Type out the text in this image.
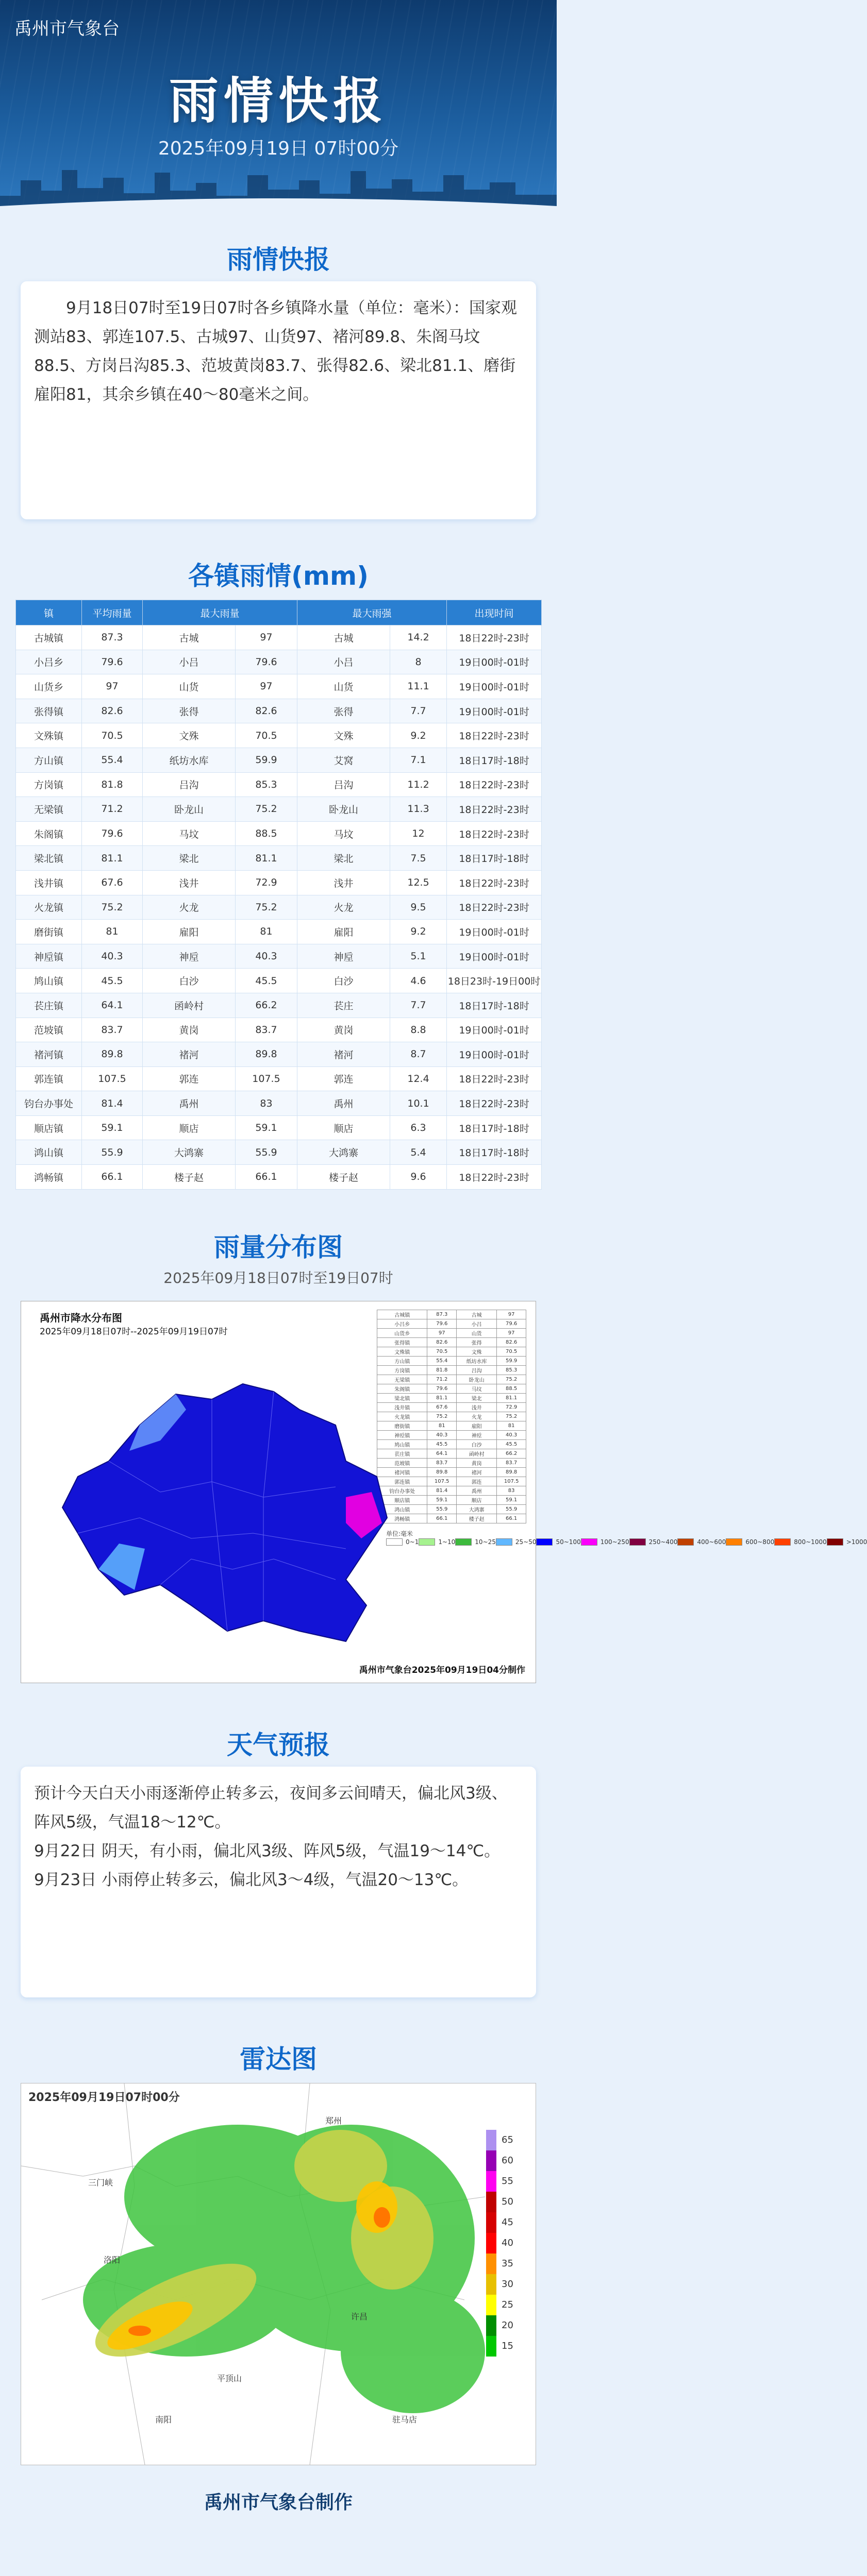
禹州市气象台
雨情快报
2025年09月19日 07时00分
雨情快报

9月18日07时至19日07时各乡镇降水量（单位：毫米）：国家观测站83、郭连107.5、古城97、山货97、褚河89.8、朱阁马坟88.5、方岗吕沟85.3、范坡黄岗83.7、张得82.6、梁北81.1、磨街雇阳81，其余乡镇在40～80毫米之间。

各镇雨情(mm)
镇	平均雨量	最大雨量		最大雨强		出现时间
古城镇	87.3	古城	97	古城	14.2	18日22时-23时
小吕乡	79.6	小吕	79.6	小吕	8	19日00时-01时
山货乡	97	山货	97	山货	11.1	19日00时-01时
张得镇	82.6	张得	82.6	张得	7.7	19日00时-01时
文殊镇	70.5	文殊	70.5	文殊	9.2	18日22时-23时
方山镇	55.4	纸坊水库	59.9	艾窝	7.1	18日17时-18时
方岗镇	81.8	吕沟	85.3	吕沟	11.2	18日22时-23时
无梁镇	71.2	卧龙山	75.2	卧龙山	11.3	18日22时-23时
朱阁镇	79.6	马坟	88.5	马坟	12	18日22时-23时
梁北镇	81.1	梁北	81.1	梁北	7.5	18日17时-18时
浅井镇	67.6	浅井	72.9	浅井	12.5	18日22时-23时
火龙镇	75.2	火龙	75.2	火龙	9.5	18日22时-23时
磨街镇	81	雇阳	81	雇阳	9.2	19日00时-01时
神垕镇	40.3	神垕	40.3	神垕	5.1	19日00时-01时
鸠山镇	45.5	白沙	45.5	白沙	4.6	18日23时-19日00时
苌庄镇	64.1	函岭村	66.2	苌庄	7.7	18日17时-18时
范坡镇	83.7	黄岗	83.7	黄岗	8.8	19日00时-01时
褚河镇	89.8	褚河	89.8	褚河	8.7	19日00时-01时
郭连镇	107.5	郭连	107.5	郭连	12.4	18日22时-23时
钧台办事处	81.4	禹州	83	禹州	10.1	18日22时-23时
顺店镇	59.1	顺店	59.1	顺店	6.3	18日17时-18时
鸿山镇	55.9	大鸿寨	55.9	大鸿寨	5.4	18日17时-18时
鸿畅镇	66.1	楼子赵	66.1	楼子赵	9.6	18日22时-23时
雨量分布图
2025年09月18日07时至19日07时
禹州市降水分布图
2025年09月18日07时--2025年09月19日07时
古城镇	87.3	古城	97
小吕乡	79.6	小吕	79.6
山货乡	97	山货	97
张得镇	82.6	张得	82.6
文殊镇	70.5	文殊	70.5
方山镇	55.4	纸坊水库	59.9
方岗镇	81.8	吕沟	85.3
无梁镇	71.2	卧龙山	75.2
朱阁镇	79.6	马坟	88.5
梁北镇	81.1	梁北	81.1
浅井镇	67.6	浅井	72.9
火龙镇	75.2	火龙	75.2
磨街镇	81	雇阳	81
神垕镇	40.3	神垕	40.3
鸠山镇	45.5	白沙	45.5
苌庄镇	64.1	函岭村	66.2
范坡镇	83.7	黄岗	83.7
褚河镇	89.8	褚河	89.8
郭连镇	107.5	郭连	107.5
钧台办事处	81.4	禹州	83
顺店镇	59.1	顺店	59.1
鸿山镇	55.9	大鸿寨	55.9
鸿畅镇	66.1	楼子赵	66.1
单位:毫米
0~1	1~10	10~25	25~50	50~100	100~250	250~400	400~600	600~800	800~1000	>1000
禹州市气象台2025年09月19日04分制作
天气预报

预计今天白天小雨逐渐停止转多云，夜间多云间晴天，偏北风3级、阵风5级，气温18～12℃。

9月22日 阴天，有小雨，偏北风3级、阵风5级，气温19～14℃。

9月23日 小雨停止转多云，偏北风3～4级，气温20～13℃。

雷达图
2025年09月19日07时00分
三门峡
洛阳
郑州
许昌
平顶山
驻马店
南阳
65
60
55
50
45
40
35
30
25
20
15
禹州市气象台制作
